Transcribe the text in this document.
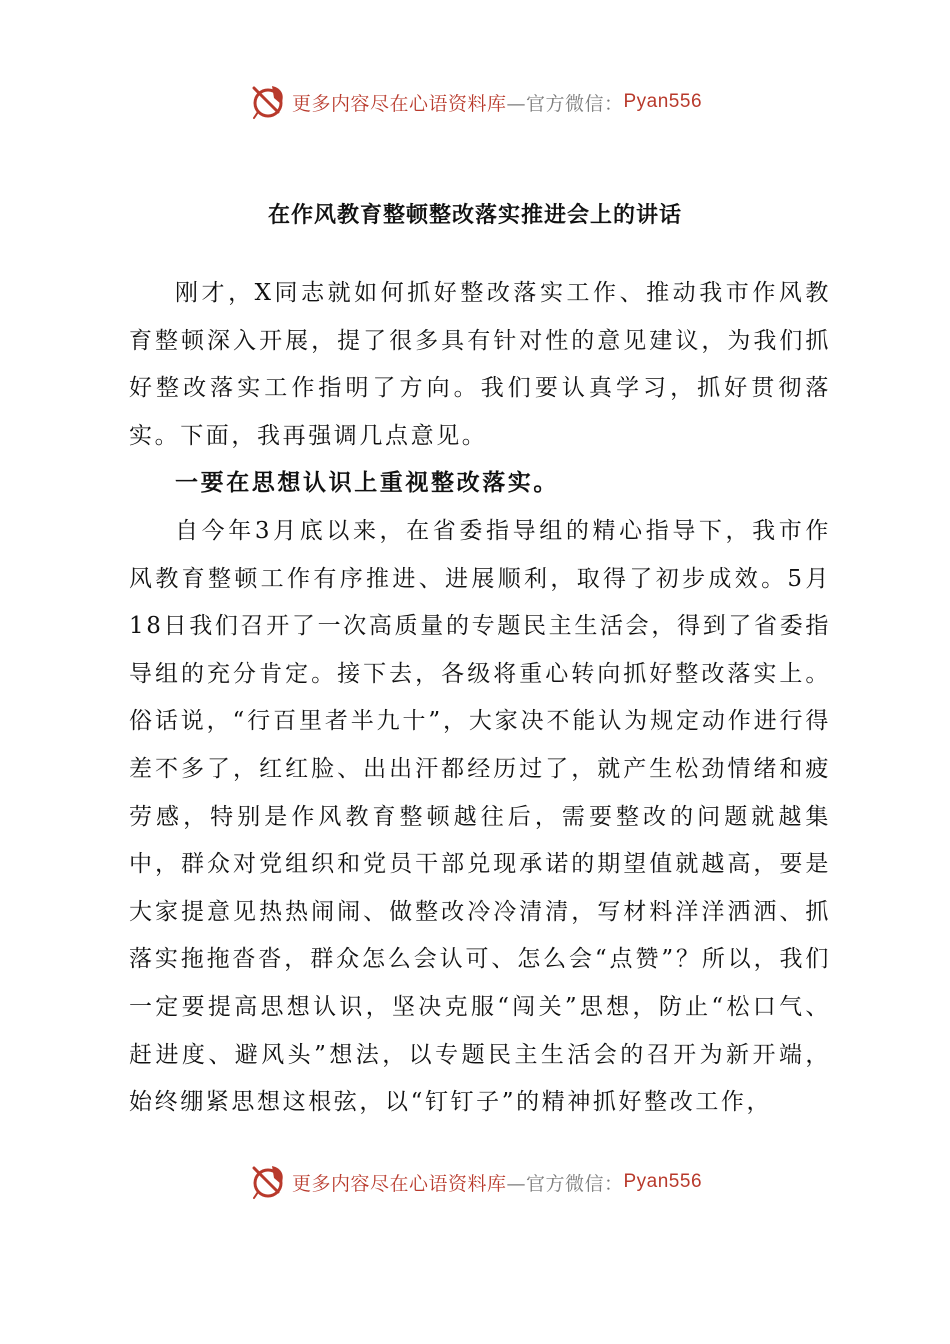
更多内容尽在心语资料库 —官方微信： Pyan556
在作风教育整顿整改落实推进会上的讲话

刚才，X同志就如何抓好整改落实工作、推动我市作风教育整顿深入开展，提了很多具有针对性的意见建议，为我们抓好整改落实工作指明了方向。我们要认真学习，抓好贯彻落实。下面，我再强调几点意见。

一要在思想认识上重视整改落实。

自今年3月底以来，在省委指导组的精心指导下，我市作风教育整顿工作有序推进、进展顺利，取得了初步成效。5月18日我们召开了一次高质量的专题民主生活会，得到了省委指导组的充分肯定。接下去，各级将重心转向抓好整改落实上。俗话说，“行百里者半九十”，大家决不能认为规定动作进行得差不多了，红红脸、出出汗都经历过了，就产生松劲情绪和疲劳感，特别是作风教育整顿越往后，需要整改的问题就越集中，群众对党组织和党员干部兑现承诺的期望值就越高，要是大家提意见热热闹闹、做整改冷冷清清，写材料洋洋洒洒、抓落实拖拖沓沓，群众怎么会认可、怎么会“点赞”？所以，我们一定要提高思想认识，坚决克服“闯关”思想，防止“松口气、赶进度、避风头”想法，以专题民主生活会的召开为新开端，始终绷紧思想这根弦，以“钉钉子”的精神抓好整改工作，

更多内容尽在心语资料库 —官方微信： Pyan556
